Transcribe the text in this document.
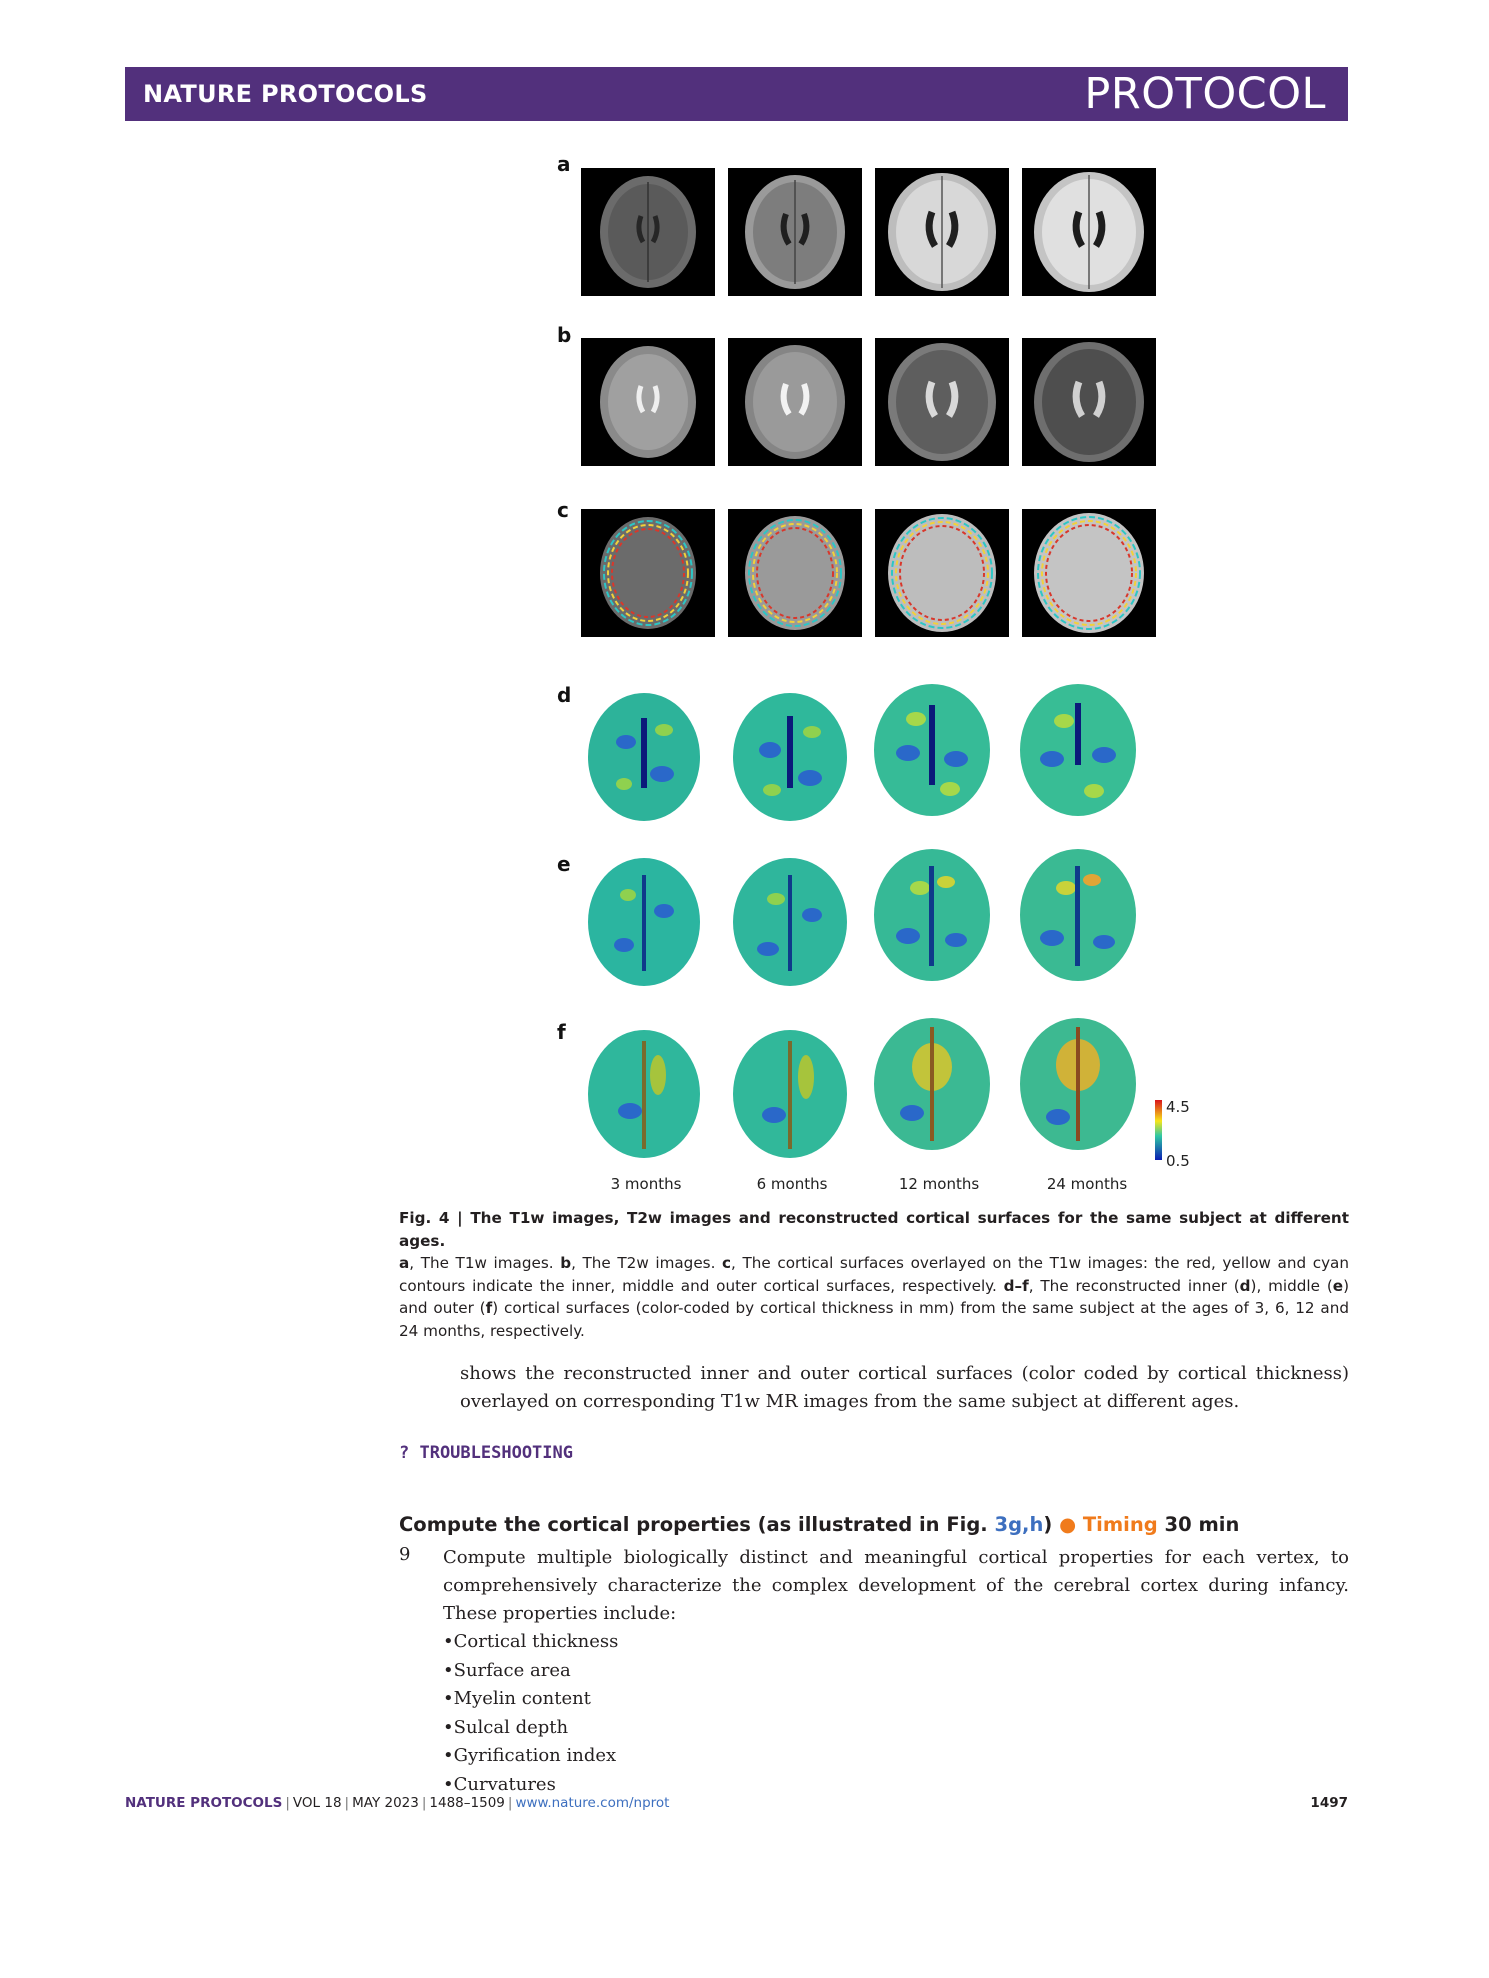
NATURE PROTOCOLS	PROTOCOL
a
b
c
d
e
f
3 months	6 months	12 months	24 months
4.5
0.5
Fig. 4 | The T1w images, T2w images and reconstructed cortical surfaces for the same subject at different ages.
a, The T1w images. b, The T2w images. c, The cortical surfaces overlayed on the T1w images: the red, yellow and cyan contours indicate the inner, middle and outer cortical surfaces, respectively. d–f, The reconstructed inner (d), middle (e) and outer (f) cortical surfaces (color-coded by cortical thickness in mm) from the same subject at the ages of 3, 6, 12 and 24 months, respectively.
shows the reconstructed inner and outer cortical surfaces (color coded by cortical thickness) overlayed on corresponding T1w MR images from the same subject at different ages.
? TROUBLESHOOTING
Compute the cortical properties (as illustrated in Fig. 3g,h) ● Timing 30 min
9 Compute multiple biologically distinct and meaningful cortical properties for each vertex, to comprehensively characterize the complex development of the cerebral cortex during infancy. These properties include:
•Cortical thickness
•Surface area
•Myelin content
•Sulcal depth
•Gyrification index
•Curvatures
NATURE PROTOCOLS | VOL 18 | MAY 2023 | 1488–1509 | www.nature.com/nprot	1497
